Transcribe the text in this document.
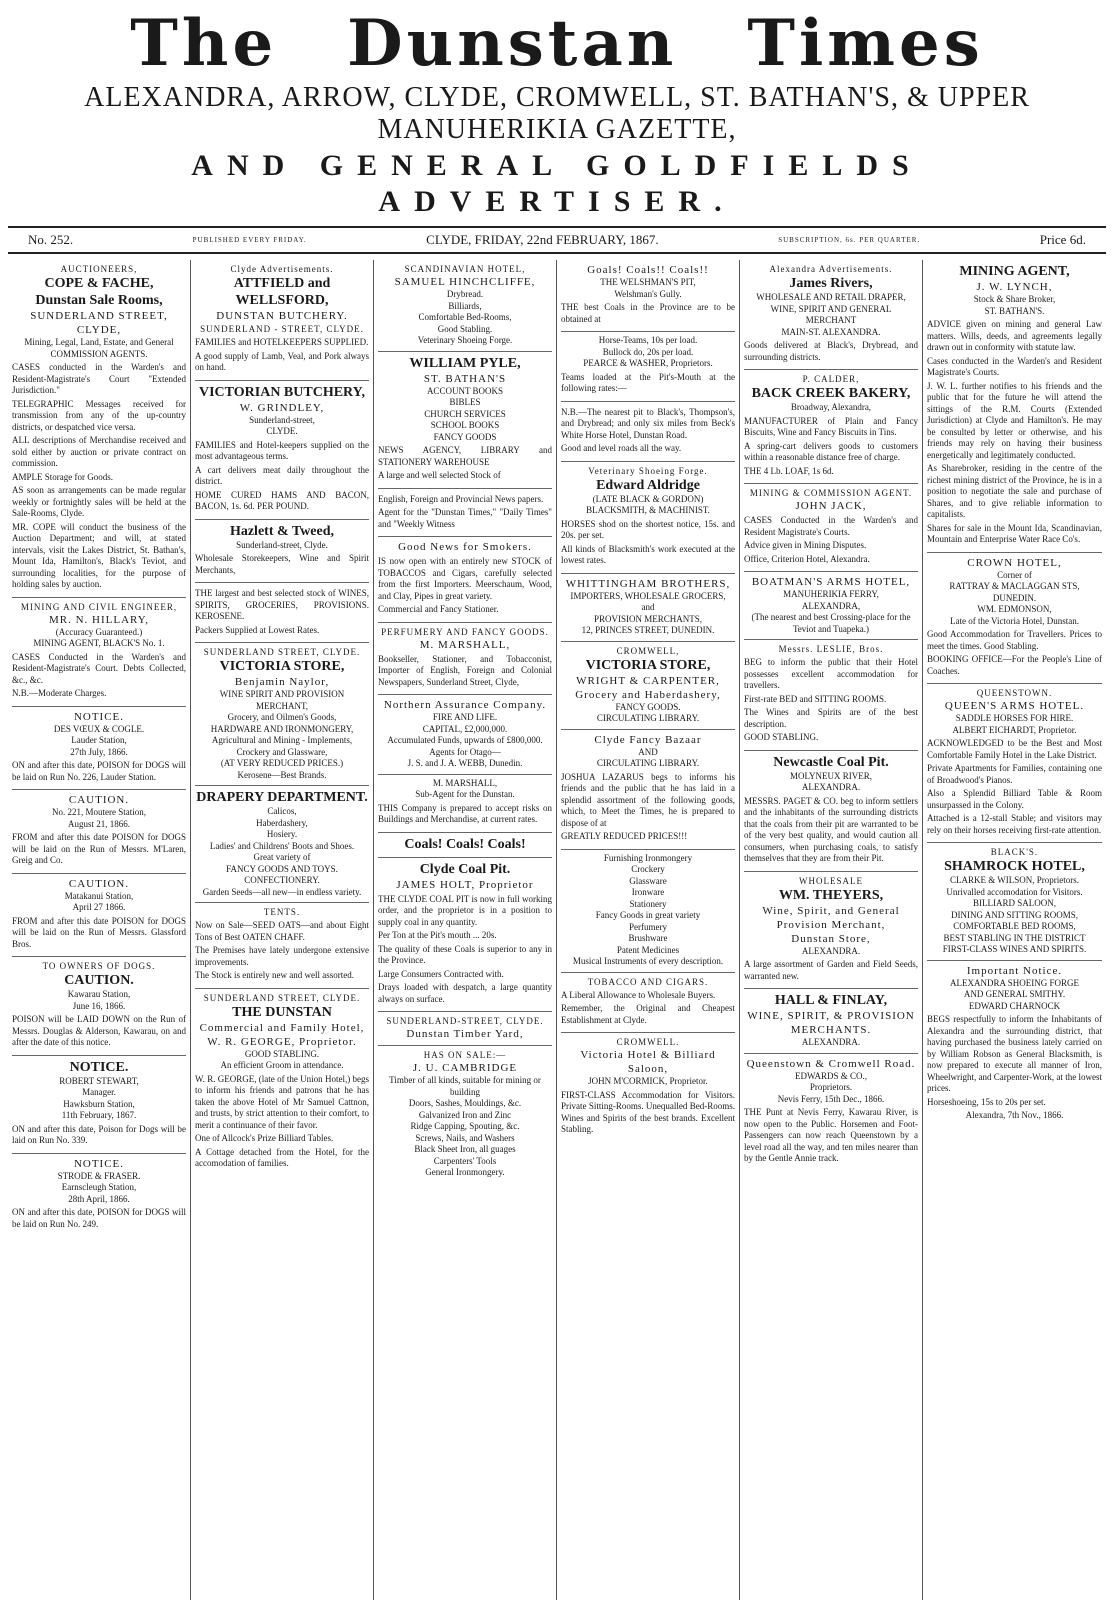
The Dunstan Times
ALEXANDRA, ARROW, CLYDE, CROMWELL, ST. BATHAN'S, & UPPER MANUHERIKIA GAZETTE,
AND GENERAL GOLDFIELDS ADVERTISER.
No. 252.	PUBLISHED EVERY FRIDAY.	CLYDE, FRIDAY, 22nd FEBRUARY, 1867.	SUBSCRIPTION, 6s. PER QUARTER.	Price 6d.
AUCTIONEERS,
COPE & FACHE,
Dunstan Sale Rooms,
SUNDERLAND STREET, CLYDE,
Mining, Legal, Land, Estate, and General
COMMISSION AGENTS.
CASES conducted in the Warden's and Resident-Magistrate's Court "Extended Jurisdiction."
TELEGRAPHIC Messages received for transmission from any of the up-country districts, or despatched vice versa.
ALL descriptions of Merchandise received and sold either by auction or private contract on commission.
AMPLE Storage for Goods.
AS soon as arrangements can be made regular weekly or fortnightly sales will be held at the Sale-Rooms, Clyde.
MR. COPE will conduct the business of the Auction Department; and will, at stated intervals, visit the Lakes District, St. Bathan's, Mount Ida, Hamilton's, Black's Teviot, and surrounding localities, for the purpose of holding sales by auction.
MINING AND CIVIL ENGINEER,
MR. N. HILLARY,
(Accuracy Guaranteed.)
MINING AGENT, BLACK'S No. 1.
CASES Conducted in the Warden's and Resident-Magistrate's Court. Debts Collected, &c., &c.
N.B.—Moderate Charges.
NOTICE.
DES VŒUX & COGLE.
Lauder Station,
27th July, 1866.
ON and after this date, POISON for DOGS will be laid on Run No. 226, Lauder Station.
CAUTION.
No. 221, Moutere Station,
August 21, 1866.
FROM and after this date POISON for DOGS will be laid on the Run of Messrs. M'Laren, Greig and Co.
CAUTION.
Matakanui Station,
April 27 1866.
FROM and after this date POISON for DOGS will be laid on the Run of Messrs. Glassford Bros.
TO OWNERS OF DOGS.
CAUTION.
Kawarau Station,
June 16, 1866.
POISON will be LAID DOWN on the Run of Messrs. Douglas & Alderson, Kawarau, on and after the date of this notice.
NOTICE.
ROBERT STEWART,
Manager.
Hawksburn Station,
11th February, 1867.
ON and after this date, Poison for Dogs will be laid on Run No. 339.
NOTICE.
STRODE & FRASER.
Earnscleugh Station,
28th April, 1866.
ON and after this date, POISON for DOGS will be laid on Run No. 249.
Clyde Advertisements.
ATTFIELD and WELLSFORD,
DUNSTAN BUTCHERY.
SUNDERLAND - STREET, CLYDE.
FAMILIES and HOTELKEEPERS SUPPLIED.
A good supply of Lamb, Veal, and Pork always on hand.
VICTORIAN BUTCHERY,
W. GRINDLEY,
Sunderland-street,
CLYDE.
FAMILIES and Hotel-keepers supplied on the most advantageous terms.
A cart delivers meat daily throughout the district.
HOME CURED HAMS AND BACON, BACON, 1s. 6d. PER POUND.
Hazlett & Tweed,
Sunderland-street, Clyde.
Wholesale Storekeepers, Wine and Spirit Merchants,
THE largest and best selected stock of WINES, SPIRITS, GROCERIES, PROVISIONS. KEROSENE.
Packers Supplied at Lowest Rates.
SUNDERLAND STREET, CLYDE.
VICTORIA STORE,
Benjamin Naylor,
WINE SPIRIT AND PROVISION MERCHANT,
Grocery, and Oilmen's Goods,
HARDWARE AND IRONMONGERY,
Agricultural and Mining - Implements,
Crockery and Glassware,
(AT VERY REDUCED PRICES.)
Kerosene—Best Brands.
DRAPERY DEPARTMENT.
Calicos,
Haberdashery,
Hosiery.
Ladies' and Childrens' Boots and Shoes.
Great variety of
FANCY GOODS AND TOYS.
CONFECTIONERY.
Garden Seeds—all new—in endless variety.
TENTS.
Now on Sale—SEED OATS—and about Eight Tons of Best OATEN CHAFF.
The Premises have lately undergone extensive improvements.
The Stock is entirely new and well assorted.
SUNDERLAND STREET, CLYDE.
THE DUNSTAN
Commercial and Family Hotel,
W. R. GEORGE, Proprietor.
GOOD STABLING.
An efficient Groom in attendance.
W. R. GEORGE, (late of the Union Hotel,) begs to inform his friends and patrons that he has taken the above Hotel of Mr Samuel Cattnon, and trusts, by strict attention to their comfort, to merit a continuance of their favor.
One of Allcock's Prize Billiard Tables.
A Cottage detached from the Hotel, for the accomodation of families.
SCANDINAVIAN HOTEL,
SAMUEL HINCHCLIFFE,
Drybread.
Billiards,
Comfortable Bed-Rooms,
Good Stabling.
Veterinary Shoeing Forge.
WILLIAM PYLE,
ST. BATHAN'S
ACCOUNT BOOKS
BIBLES
CHURCH SERVICES
SCHOOL BOOKS
FANCY GOODS
NEWS AGENCY, LIBRARY and STATIONERY WAREHOUSE
A large and well selected Stock of
English, Foreign and Provincial News papers.
Agent for the "Dunstan Times," "Daily Times" and "Weekly Witness
Good News for Smokers.
IS now open with an entirely new STOCK of TOBACCOS and Cigars, carefully selected from the first Importers. Meerschaum, Wood, and Clay, Pipes in great variety.
Commercial and Fancy Stationer.
PERFUMERY AND FANCY GOODS.
M. MARSHALL,
Bookseller, Stationer, and Tobacconist, Importer of English, Foreign and Colonial Newspapers, Sunderland Street, Clyde,
Northern Assurance Company.
FIRE AND LIFE.
CAPITAL, £2,000,000.
Accumulated Funds, upwards of £800,000.
Agents for Otago—
J. S. and J. A. WEBB, Dunedin.
M. MARSHALL,
Sub-Agent for the Dunstan.
THIS Company is prepared to accept risks on Buildings and Merchandise, at current rates.
Coals! Coals! Coals!
Clyde Coal Pit.
JAMES HOLT, Proprietor
THE CLYDE COAL PIT is now in full working order, and the proprietor is in a position to supply coal in any quantity.
Per Ton at the Pit's mouth ... 20s.
The quality of these Coals is superior to any in the Province.
Large Consumers Contracted with.
Drays loaded with despatch, a large quantity always on surface.
SUNDERLAND-STREET, CLYDE.
Dunstan Timber Yard,
HAS ON SALE:—
J. U. CAMBRIDGE
Timber of all kinds, suitable for mining or building
Doors, Sashes, Mouldings, &c.
Galvanized Iron and Zinc
Ridge Capping, Spouting, &c.
Screws, Nails, and Washers
Black Sheet Iron, all guages
Carpenters' Tools
General Ironmongery.
Goals! Coals!! Coals!!
THE WELSHMAN'S PIT,
Welshman's Gully.
THE best Coals in the Province are to be obtained at
Horse-Teams, 10s per load.
Bullock do, 20s per load.
PEARCE & WASHER, Proprietors.
Teams loaded at the Pit's-Mouth at the following rates:—
N.B.—The nearest pit to Black's, Thompson's, and Drybread; and only six miles from Beck's White Horse Hotel, Dunstan Road.
Good and level roads all the way.
Veterinary Shoeing Forge.
Edward Aldridge
(LATE BLACK & GORDON)
BLACKSMITH, & MACHINIST.
HORSES shod on the shortest notice, 15s. and 20s. per set.
All kinds of Blacksmith's work executed at the lowest rates.
WHITTINGHAM BROTHERS,
IMPORTERS, WHOLESALE GROCERS,
and
PROVISION MERCHANTS,
12, PRINCES STREET, DUNEDIN.
CROMWELL,
VICTORIA STORE,
WRIGHT & CARPENTER,
Grocery and Haberdashery,
FANCY GOODS.
CIRCULATING LIBRARY.
Clyde Fancy Bazaar
AND
CIRCULATING LIBRARY.
JOSHUA LAZARUS begs to informs his friends and the public that he has laid in a splendid assortment of the following goods, which, to Meet the Times, he is prepared to dispose of at
GREATLY REDUCED PRICES!!!
Furnishing Ironmongery
Crockery
Glassware
Ironware
Stationery
Fancy Goods in great variety
Perfumery
Brushware
Patent Medicines
Musical Instruments of every description.
TOBACCO AND CIGARS.
A Liberal Allowance to Wholesale Buyers.
Remember, the Original and Cheapest Establishment at Clyde.
CROMWELL.
Victoria Hotel & Billiard Saloon,
JOHN M'CORMICK, Proprietor.
FIRST-CLASS Accommodation for Visitors. Private Sitting-Rooms. Unequalled Bed-Rooms. Wines and Spirits of the best brands. Excellent Stabling.
Alexandra Advertisements.
James Rivers,
WHOLESALE AND RETAIL DRAPER,
WINE, SPIRIT AND GENERAL
MERCHANT
MAIN-ST. ALEXANDRA.
Goods delivered at Black's, Drybread, and surrounding districts.
P. CALDER,
BACK CREEK BAKERY,
Broadway, Alexandra,
MANUFACTURER of Plain and Fancy Biscuits, Wine and Fancy Biscuits in Tins.
A spring-cart delivers goods to customers within a reasonable distance free of charge.
THE 4 Lb. LOAF, 1s 6d.
MINING & COMMISSION AGENT.
JOHN JACK,
CASES Conducted in the Warden's and Resident Magistrate's Courts.
Advice given in Mining Disputes.
Office, Criterion Hotel, Alexandra.
BOATMAN'S ARMS HOTEL,
MANUHERIKIA FERRY,
ALEXANDRA,
(The nearest and best Crossing-place for the Teviot and Tuapeka.)
Messrs. LESLIE, Bros.
BEG to inform the public that their Hotel possesses excellent accommodation for travellers.
First-rate BED and SITTING ROOMS.
The Wines and Spirits are of the best description.
GOOD STABLING.
Newcastle Coal Pit.
MOLYNEUX RIVER,
ALEXANDRA.
MESSRS. PAGET & CO. beg to inform settlers and the inhabitants of the surrounding districts that the coals from their pit are warranted to be of the very best quality, and would caution all consumers, when purchasing coals, to satisfy themselves that they are from their Pit.
WHOLESALE
WM. THEYERS,
Wine, Spirit, and General Provision Merchant,
Dunstan Store,
ALEXANDRA.
A large assortment of Garden and Field Seeds, warranted new.
HALL & FINLAY,
WINE, SPIRIT, & PROVISION
MERCHANTS.
ALEXANDRA.
Queenstown & Cromwell Road.
EDWARDS & CO.,
Proprietors.
Nevis Ferry, 15th Dec., 1866.
THE Punt at Nevis Ferry, Kawarau River, is now open to the Public. Horsemen and Foot-Passengers can now reach Queenstown by a level road all the way, and ten miles nearer than by the Gentle Annie track.
MINING AGENT,
J. W. LYNCH,
Stock & Share Broker,
ST. BATHAN'S.
ADVICE given on mining and general Law matters. Wills, deeds, and agreements legally drawn out in conformity with statute law.
Cases conducted in the Warden's and Resident Magistrate's Courts.
J. W. L. further notifies to his friends and the public that for the future he will attend the sittings of the R.M. Courts (Extended Jurisdiction) at Clyde and Hamilton's. He may be consulted by letter or otherwise, and his friends may rely on having their business energetically and legitimately conducted.
As Sharebroker, residing in the centre of the richest mining district of the Province, he is in a position to negotiate the sale and purchase of Shares, and to give reliable information to capitalists.
Shares for sale in the Mount Ida, Scandinavian, Mountain and Enterprise Water Race Co's.
CROWN HOTEL,
Corner of
RATTRAY & MACLAGGAN STS,
DUNEDIN.
WM. EDMONSON,
Late of the Victoria Hotel, Dunstan.
Good Accommodation for Travellers. Prices to meet the times. Good Stabling.
BOOKING OFFICE—For the People's Line of Coaches.
QUEENSTOWN.
QUEEN'S ARMS HOTEL.
SADDLE HORSES FOR HIRE.
ALBERT EICHARDT, Proprietor.
ACKNOWLEDGED to be the Best and Most Comfortable Family Hotel in the Lake District.
Private Apartments for Families, containing one of Broadwood's Pianos.
Also a Splendid Billiard Table & Room unsurpassed in the Colony.
Attached is a 12-stall Stable; and visitors may rely on their horses receiving first-rate attention.
BLACK'S.
SHAMROCK HOTEL,
CLARKE & WILSON, Proprietors.
Unrivalled accomodation for Visitors.
BILLIARD SALOON,
DINING AND SITTING ROOMS,
COMFORTABLE BED ROOMS,
BEST STABLING IN THE DISTRICT
FIRST-CLASS WINES AND SPIRITS.
Important Notice.
ALEXANDRA SHOEING FORGE
AND GENERAL SMITHY.
EDWARD CHARNOCK
BEGS respectfully to inform the Inhabitants of Alexandra and the surrounding district, that having purchased the business lately carried on by William Robson as General Blacksmith, is now prepared to execute all manner of Iron, Wheelwright, and Carpenter-Work, at the lowest prices.
Horseshoeing, 15s to 20s per set.
Alexandra, 7th Nov., 1866.
